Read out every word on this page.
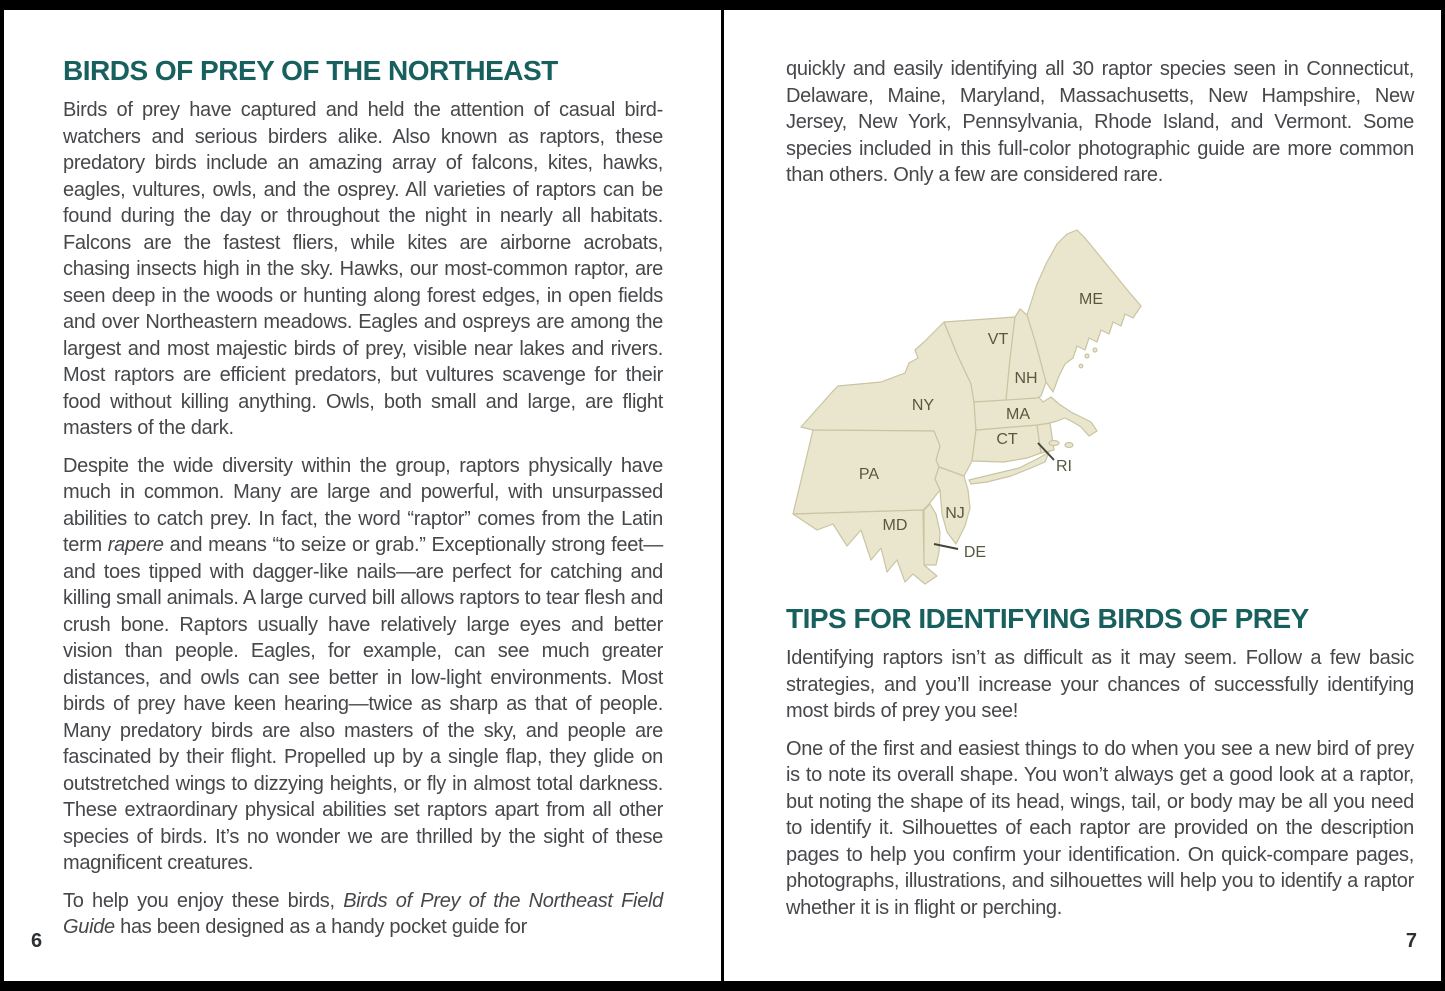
BIRDS OF PREY OF THE NORTHEAST

Birds of prey have captured and held the attention of casual bird-watchers and serious birders alike. Also known as raptors, these predatory birds include an amazing array of falcons, kites, hawks, eagles, vultures, owls, and the osprey. All varieties of raptors can be found during the day or throughout the night in nearly all habitats. Falcons are the fastest fliers, while kites are airborne acrobats, chasing insects high in the sky. Hawks, our most-common raptor, are seen deep in the woods or hunting along forest edges, in open fields and over Northeastern meadows. Eagles and ospreys are among the largest and most majestic birds of prey, visible near lakes and rivers. Most raptors are efficient predators, but vultures scavenge for their food without killing anything. Owls, both small and large, are flight masters of the dark.

Despite the wide diversity within the group, raptors physically have much in common. Many are large and powerful, with unsurpassed abilities to catch prey. In fact, the word “raptor” comes from the Latin term rapere and means “to seize or grab.” Exceptionally strong feet—and toes tipped with dagger-like nails—are perfect for catching and killing small animals. A large curved bill allows raptors to tear flesh and crush bone. Raptors usually have relatively large eyes and better vision than people. Eagles, for example, can see much greater distances, and owls can see better in low-light environments. Most birds of prey have keen hearing—twice as sharp as that of people. Many predatory birds are also masters of the sky, and people are fascinated by their flight. Propelled up by a single flap, they glide on outstretched wings to dizzying heights, or fly in almost total darkness. These extraordinary physical abilities set raptors apart from all other species of birds. It’s no wonder we are thrilled by the sight of these magnificent creatures.

To help you enjoy these birds, Birds of Prey of the Northeast Field Guide has been designed as a handy pocket guide for

6

quickly and easily identifying all 30 raptor species seen in Connecticut, Delaware, Maine, Maryland, Massachusetts, New Hampshire, New Jersey, New York, Pennsylvania, Rhode Island, and Vermont. Some species included in this full-color photographic guide are more common than others. Only a few are considered rare.

ME
VT
NH
NY
MA
CT
RI
PA
NJ
MD
DE
TIPS FOR IDENTIFYING BIRDS OF PREY

Identifying raptors isn’t as difficult as it may seem. Follow a few basic strategies, and you’ll increase your chances of successfully identifying most birds of prey you see!

One of the first and easiest things to do when you see a new bird of prey is to note its overall shape. You won’t always get a good look at a raptor, but noting the shape of its head, wings, tail, or body may be all you need to identify it. Silhouettes of each raptor are provided on the description pages to help you confirm your identification. On quick-compare pages, photographs, illustrations, and silhouettes will help you to identify a raptor whether it is in flight or perching.

7
